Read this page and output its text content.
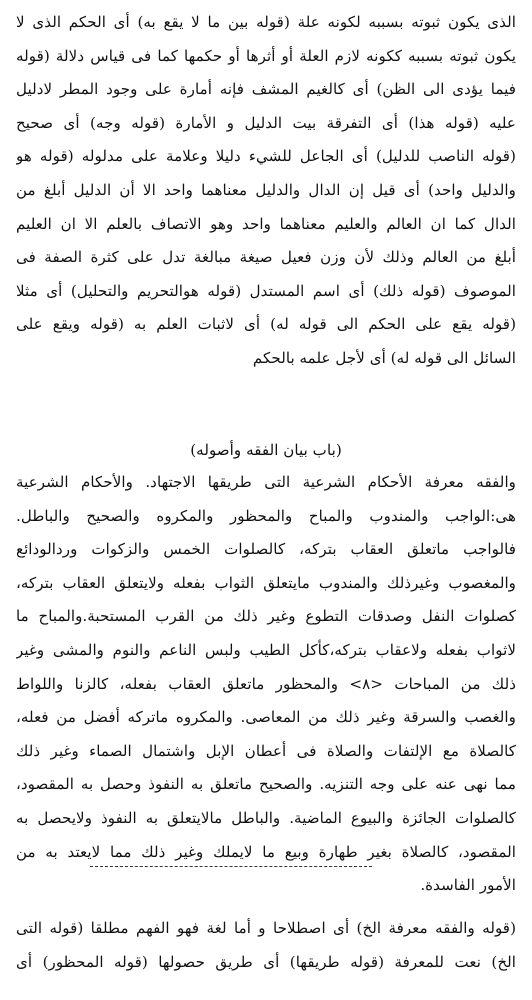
الذى يكون ثبوته بسببه لكونه علة (قوله بين ما لا يقع به) أى الحكم الذى لا
يكون ثبوته بسببه ككونه لازم العلة أو أثرها أو حكمها كما فى قياس دلالة (قوله
فيما يؤدى الى الظن) أى كالغيم المشف فإنه أمارة على وجود المطر لادليل
عليه (قوله هذا) أى التفرقة بيت الدليل و الأمارة (قوله وجه) أى صحيح
(قوله الناصب للدليل) أى الجاعل للشيء دليلا وعلامة على مدلوله (قوله هو
والدليل واحد) أى قيل إن الدال والدليل معناهما واحد الا أن الدليل أبلغ من
الدال كما ان العالم والعليم معناهما واحد وهو الاتصاف بالعلم الا ان العليم
أبلغ من العالم وذلك لأن وزن فعيل صيغة مبالغة تدل على كثرة الصفة فى
الموصوف (قوله ذلك) أى اسم المستدل (قوله هوالتحريم والتحليل) أى مثلا
(قوله يقع على الحكم الى قوله له) أى لاثبات العلم به (قوله ويقع على
السائل الى قوله له) أى لأجل علمه بالحكم
(باب بيان الفقه وأصوله)
والفقه معرفة الأحكام الشرعية التى طريقها الاجتهاد. والأحكام الشرعية
هى:الواجب والمندوب والمباح والمحظور والمكروه والصحيح والباطل.
فالواجب ماتعلق العقاب بتركه، كالصلوات الخمس والزكوات وردالودائع
والمغصوب وغيرذلك والمندوب مايتعلق الثواب بفعله ولايتعلق العقاب بتركه،
كصلوات النفل وصدقات التطوع وغير ذلك من القرب المستحبة.والمباح ما
لاثواب بفعله ولاعقاب بتركه،كأكل الطيب ولبس الناعم والنوم والمشى وغير
ذلك من المباحات <٨> والمحظور ماتعلق العقاب بفعله، كالزنا واللواط
والغصب والسرقة وغير ذلك من المعاصى. والمكروه ماتركه أفضل من فعله،
كالصلاة مع الإلتفات والصلاة فى أعطان الإبل واشتمال الصماء وغير ذلك
مما نهى عنه على وجه التنزيه. والصحيح ماتعلق به النفوذ وحصل به المقصود،
كالصلوات الجائزة والبيوع الماضية. والباطل مالايتعلق به النفوذ ولايحصل به
المقصود، كالصلاة بغير طهارة وبيع ما لايملك وغير ذلك مما لايعتد به من
الأمور الفاسدة.
(قوله والفقه معرفة الخ) أى اصطلاحا و أما لغة فهو الفهم مطلقا (قوله التى
الخ) نعت للمعرفة (قوله طريقها) أى طريق حصولها (قوله المحظور) أى
